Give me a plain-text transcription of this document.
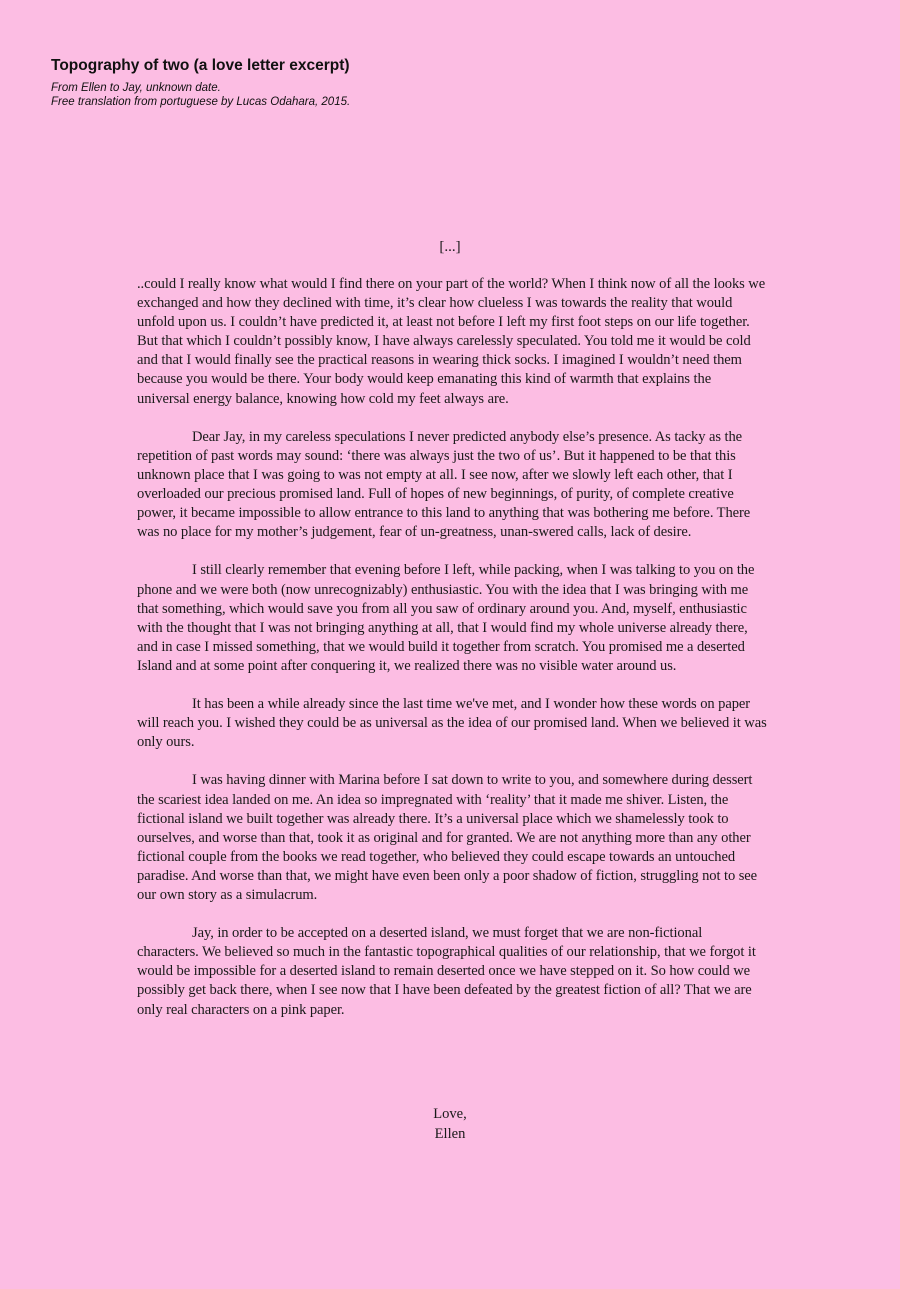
Topography of two (a love letter excerpt)
From Ellen to Jay, unknown date.
Free translation from portuguese by Lucas Odahara, 2015.
[...]

..could I really know what would I find there on your part of the world? When I think now of all the looks we exchanged and how they declined with time, it’s clear how clueless I was towards the reality that would unfold upon us. I couldn’t have predicted it, at least not before I left my first foot steps on our life together. But that which I couldn’t possibly know, I have always carelessly speculated. You told me it would be cold and that I would finally see the practical reasons in wearing thick socks. I imagined I wouldn’t need them because you would be there. Your body would keep emanating this kind of warmth that explains the universal energy balance, knowing how cold my feet always are.

Dear Jay, in my careless speculations I never predicted anybody else’s presence. As tacky as the repetition of past words may sound: ‘there was always just the two of us’. But it happened to be that this unknown place that I was going to was not empty at all. I see now, after we slowly left each other, that I overloaded our precious promised land. Full of hopes of new beginnings, of purity, of complete creative power, it became impossible to allow entrance to this land to anything that was bothering me before. There was no place for my mother’s judgement, fear of un-greatness, unan-swered calls, lack of desire.

I still clearly remember that evening before I left, while packing, when I was talking to you on the phone and we were both (now unrecognizably) enthusiastic. You with the idea that I was bringing with me that something, which would save you from all you saw of ordinary around you. And, myself, enthusiastic with the thought that I was not bringing anything at all, that I would find my whole universe already there, and in case I missed something, that we would build it together from scratch. You promised me a deserted Island and at some point after conquering it, we realized there was no visible water around us.

It has been a while already since the last time we've met, and I wonder how these words on paper will reach you. I wished they could be as universal as the idea of our promised land. When we believed it was only ours.

I was having dinner with Marina before I sat down to write to you, and somewhere during dessert the scariest idea landed on me. An idea so impregnated with ‘reality’ that it made me shiver. Listen, the fictional island we built together was already there. It’s a universal place which we shamelessly took to ourselves, and worse than that, took it as original and for granted. We are not anything more than any other fictional couple from the books we read together, who believed they could escape towards an untouched paradise. And worse than that, we might have even been only a poor shadow of fiction, struggling not to see our own story as a simulacrum.

Jay, in order to be accepted on a deserted island, we must forget that we are non-fictional characters. We believed so much in the fantastic topographical qualities of our relationship, that we forgot it would be impossible for a deserted island to remain deserted once we have stepped on it. So how could we possibly get back there, when I see now that I have been defeated by the greatest fiction of all? That we are only real characters on a pink paper.

Love,
Ellen
